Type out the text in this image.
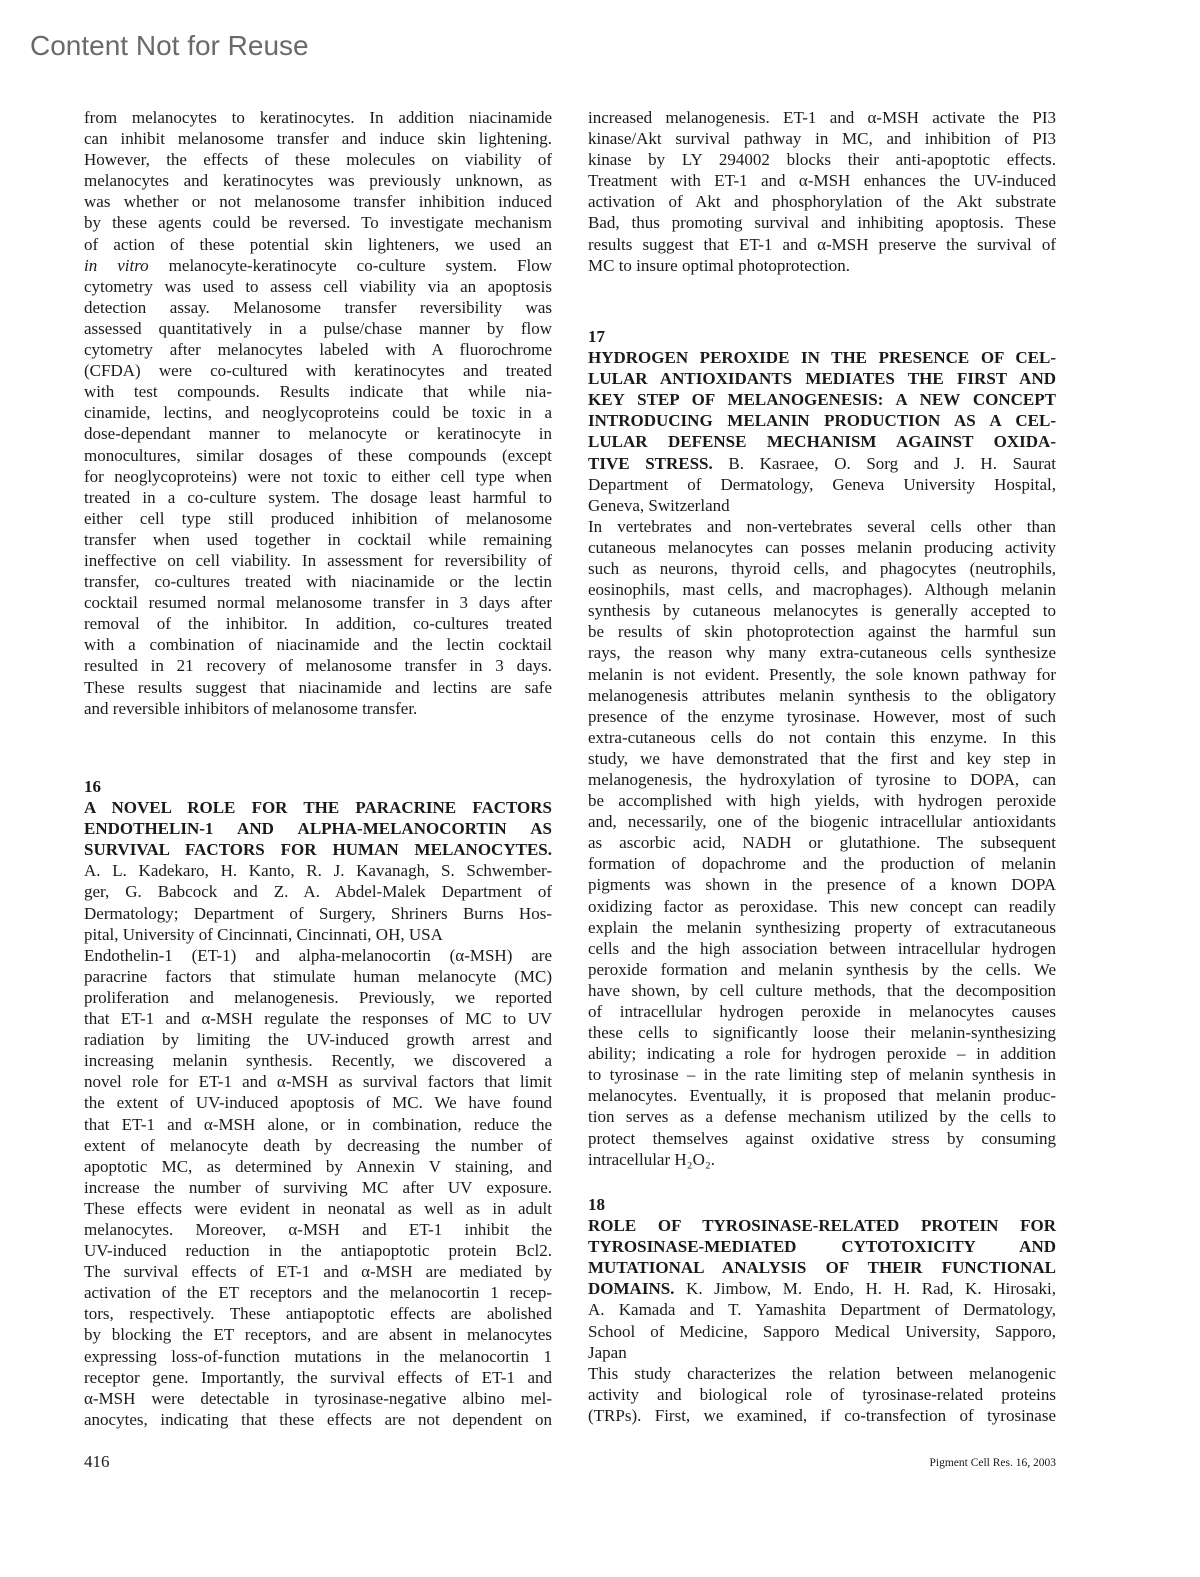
Content Not for Reuse
from melanocytes to keratinocytes. In addition niacinamide
can inhibit melanosome transfer and induce skin lightening.
However, the effects of these molecules on viability of
melanocytes and keratinocytes was previously unknown, as
was whether or not melanosome transfer inhibition induced
by these agents could be reversed. To investigate mechanism
of action of these potential skin lighteners, we used an
in vitro melanocyte-keratinocyte co-culture system. Flow
cytometry was used to assess cell viability via an apoptosis
detection assay. Melanosome transfer reversibility was
assessed quantitatively in a pulse/chase manner by flow
cytometry after melanocytes labeled with A fluorochrome
(CFDA) were co-cultured with keratinocytes and treated
with test compounds. Results indicate that while nia-
cinamide, lectins, and neoglycoproteins could be toxic in a
dose-dependant manner to melanocyte or keratinocyte in
monocultures, similar dosages of these compounds (except
for neoglycoproteins) were not toxic to either cell type when
treated in a co-culture system. The dosage least harmful to
either cell type still produced inhibition of melanosome
transfer when used together in cocktail while remaining
ineffective on cell viability. In assessment for reversibility of
transfer, co-cultures treated with niacinamide or the lectin
cocktail resumed normal melanosome transfer in 3 days after
removal of the inhibitor. In addition, co-cultures treated
with a combination of niacinamide and the lectin cocktail
resulted in 21 recovery of melanosome transfer in 3 days.
These results suggest that niacinamide and lectins are safe
and reversible inhibitors of melanosome transfer.
16
A NOVEL ROLE FOR THE PARACRINE FACTORS
ENDOTHELIN-1 AND ALPHA-MELANOCORTIN AS
SURVIVAL FACTORS FOR HUMAN MELANOCYTES.
A. L. Kadekaro, H. Kanto, R. J. Kavanagh, S. Schwember-
ger, G. Babcock and Z. A. Abdel-Malek Department of
Dermatology; Department of Surgery, Shriners Burns Hos-
pital, University of Cincinnati, Cincinnati, OH, USA
Endothelin-1 (ET-1) and alpha-melanocortin (α-MSH) are
paracrine factors that stimulate human melanocyte (MC)
proliferation and melanogenesis. Previously, we reported
that ET-1 and α-MSH regulate the responses of MC to UV
radiation by limiting the UV-induced growth arrest and
increasing melanin synthesis. Recently, we discovered a
novel role for ET-1 and α-MSH as survival factors that limit
the extent of UV-induced apoptosis of MC. We have found
that ET-1 and α-MSH alone, or in combination, reduce the
extent of melanocyte death by decreasing the number of
apoptotic MC, as determined by Annexin V staining, and
increase the number of surviving MC after UV exposure.
These effects were evident in neonatal as well as in adult
melanocytes. Moreover, α-MSH and ET-1 inhibit the
UV-induced reduction in the antiapoptotic protein Bcl2.
The survival effects of ET-1 and α-MSH are mediated by
activation of the ET receptors and the melanocortin 1 recep-
tors, respectively. These antiapoptotic effects are abolished
by blocking the ET receptors, and are absent in melanocytes
expressing loss-of-function mutations in the melanocortin 1
receptor gene. Importantly, the survival effects of ET-1 and
α-MSH were detectable in tyrosinase-negative albino mel-
anocytes, indicating that these effects are not dependent on
increased melanogenesis. ET-1 and α-MSH activate the PI3
kinase/Akt survival pathway in MC, and inhibition of PI3
kinase by LY 294002 blocks their anti-apoptotic effects.
Treatment with ET-1 and α-MSH enhances the UV-induced
activation of Akt and phosphorylation of the Akt substrate
Bad, thus promoting survival and inhibiting apoptosis. These
results suggest that ET-1 and α-MSH preserve the survival of
MC to insure optimal photoprotection.
17
HYDROGEN PEROXIDE IN THE PRESENCE OF CEL-
LULAR ANTIOXIDANTS MEDIATES THE FIRST AND
KEY STEP OF MELANOGENESIS: A NEW CONCEPT
INTRODUCING MELANIN PRODUCTION AS A CEL-
LULAR DEFENSE MECHANISM AGAINST OXIDA-
TIVE STRESS. B. Kasraee, O. Sorg and J. H. Saurat
Department of Dermatology, Geneva University Hospital,
Geneva, Switzerland
In vertebrates and non-vertebrates several cells other than
cutaneous melanocytes can posses melanin producing activity
such as neurons, thyroid cells, and phagocytes (neutrophils,
eosinophils, mast cells, and macrophages). Although melanin
synthesis by cutaneous melanocytes is generally accepted to
be results of skin photoprotection against the harmful sun
rays, the reason why many extra-cutaneous cells synthesize
melanin is not evident. Presently, the sole known pathway for
melanogenesis attributes melanin synthesis to the obligatory
presence of the enzyme tyrosinase. However, most of such
extra-cutaneous cells do not contain this enzyme. In this
study, we have demonstrated that the first and key step in
melanogenesis, the hydroxylation of tyrosine to DOPA, can
be accomplished with high yields, with hydrogen peroxide
and, necessarily, one of the biogenic intracellular antioxidants
as ascorbic acid, NADH or glutathione. The subsequent
formation of dopachrome and the production of melanin
pigments was shown in the presence of a known DOPA
oxidizing factor as peroxidase. This new concept can readily
explain the melanin synthesizing property of extracutaneous
cells and the high association between intracellular hydrogen
peroxide formation and melanin synthesis by the cells. We
have shown, by cell culture methods, that the decomposition
of intracellular hydrogen peroxide in melanocytes causes
these cells to significantly loose their melanin-synthesizing
ability; indicating a role for hydrogen peroxide – in addition
to tyrosinase – in the rate limiting step of melanin synthesis in
melanocytes. Eventually, it is proposed that melanin produc-
tion serves as a defense mechanism utilized by the cells to
protect themselves against oxidative stress by consuming
intracellular H₂O₂.
18
ROLE OF TYROSINASE-RELATED PROTEIN FOR
TYROSINASE-MEDIATED CYTOTOXICITY AND
MUTATIONAL ANALYSIS OF THEIR FUNCTIONAL
DOMAINS. K. Jimbow, M. Endo, H. H. Rad, K. Hirosaki,
A. Kamada and T. Yamashita Department of Dermatology,
School of Medicine, Sapporo Medical University, Sapporo,
Japan
This study characterizes the relation between melanogenic
activity and biological role of tyrosinase-related proteins
(TRPs). First, we examined, if co-transfection of tyrosinase
416	Pigment Cell Res. 16, 2003
